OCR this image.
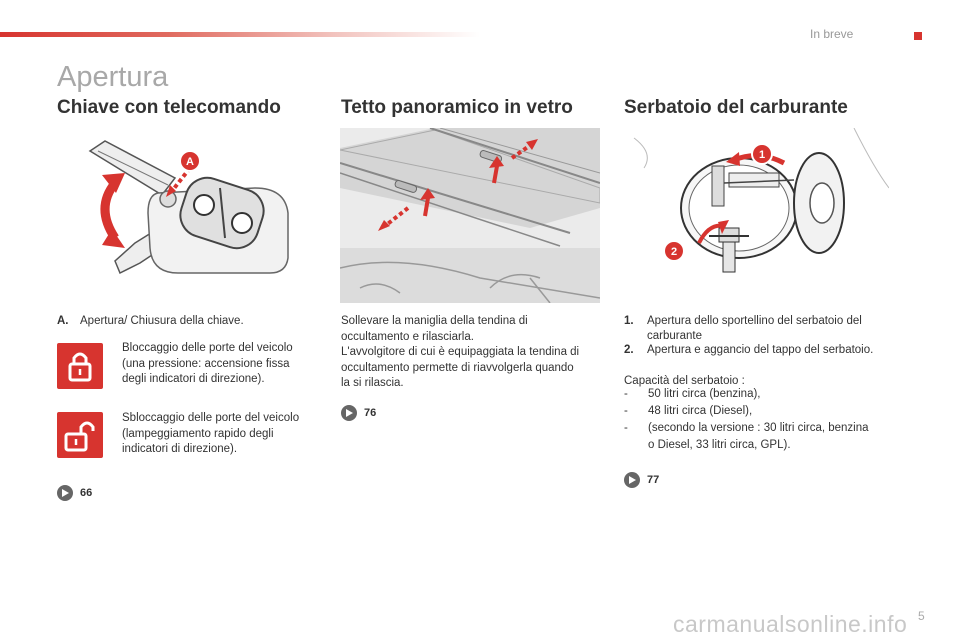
In breve
Apertura
Chiave con telecomando
A
A. Apertura/ Chiusura della chiave.
Bloccaggio delle porte del veicolo
(una pressione: accensione fissa
degli indicatori di direzione).
Sbloccaggio delle porte del veicolo
(lampeggiamento rapido degli
indicatori di direzione).
66
Tetto panoramico in vetro
Sollevare la maniglia della tendina di
occultamento e rilasciarla.
L'avvolgitore di cui è equipaggiata la tendina di
occultamento permette di riavvolgerla quando
la si rilascia.
76
Serbatoio del carburante
1
2
1. Apertura dello sportellino del serbatoio del
carburante
2. Apertura e aggancio del tappo del serbatoio.
Capacità del serbatoio :
- 50 litri circa (benzina),
- 48 litri circa (Diesel),
- (secondo la versione : 30 litri circa, benzina
o Diesel, 33 litri circa, GPL).
77
carmanualsonline.info 5
